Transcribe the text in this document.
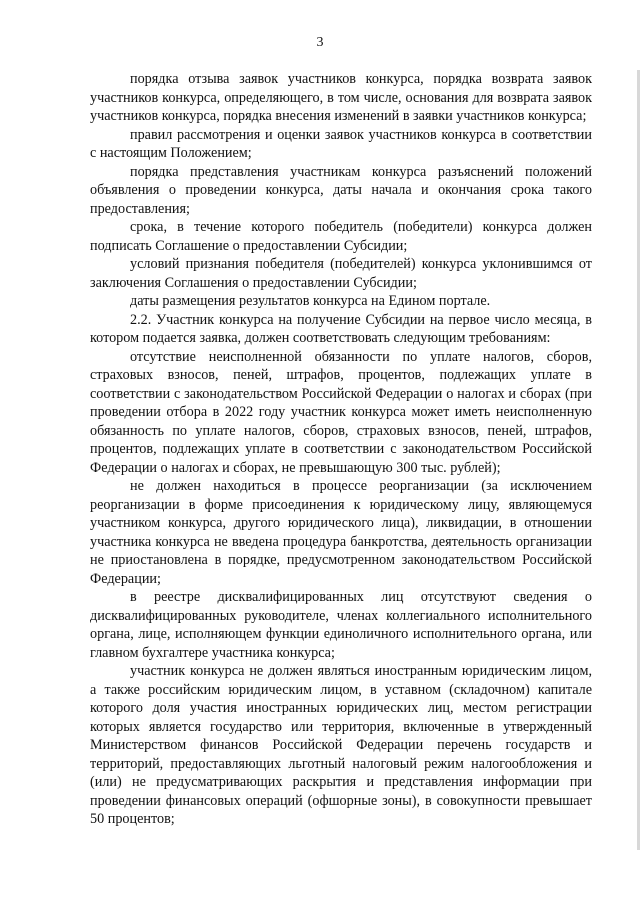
3

порядка отзыва заявок участников конкурса, порядка возврата заявок участников конкурса, определяющего, в том числе, основания для возврата заявок участников конкурса, порядка внесения изменений в заявки участников конкурса;

правил рассмотрения и оценки заявок участников конкурса в соответствии с настоящим Положением;

порядка представления участникам конкурса разъяснений положений объявления о проведении конкурса, даты начала и окончания срока такого предоставления;

срока, в течение которого победитель (победители) конкурса должен подписать Соглашение о предоставлении Субсидии;

условий признания победителя (победителей) конкурса уклонившимся от заключения Соглашения о предоставлении Субсидии;

даты размещения результатов конкурса на Едином портале.

2.2. Участник конкурса на получение Субсидии на первое число месяца, в котором подается заявка, должен соответствовать следующим требованиям:

отсутствие неисполненной обязанности по уплате налогов, сборов, страховых взносов, пеней, штрафов, процентов, подлежащих уплате в соответствии с законодательством Российской Федерации о налогах и сборах (при проведении отбора в 2022 году участник конкурса может иметь неисполненную обязанность по уплате налогов, сборов, страховых взносов, пеней, штрафов, процентов, подлежащих уплате в соответствии с законодательством Российской Федерации о налогах и сборах, не превышающую 300 тыс. рублей);

не должен находиться в процессе реорганизации (за исключением реорганизации в форме присоединения к юридическому лицу, являющемуся участником конкурса, другого юридического лица), ликвидации, в отношении участника конкурса не введена процедура банкротства, деятельность организации не приостановлена в порядке, предусмотренном законодательством Российской Федерации;

в реестре дисквалифицированных лиц отсутствуют сведения о дисквалифицированных руководителе, членах коллегиального исполнительного органа, лице, исполняющем функции единоличного исполнительного органа, или главном бухгалтере участника конкурса;

участник конкурса не должен являться иностранным юридическим лицом, а также российским юридическим лицом, в уставном (складочном) капитале которого доля участия иностранных юридических лиц, местом регистрации которых является государство или территория, включенные в утвержденный Министерством финансов Российской Федерации перечень государств и территорий, предоставляющих льготный налоговый режим налогообложения и (или) не предусматривающих раскрытия и представления информации при проведении финансовых операций (офшорные зоны), в совокупности превышает 50 процентов;
